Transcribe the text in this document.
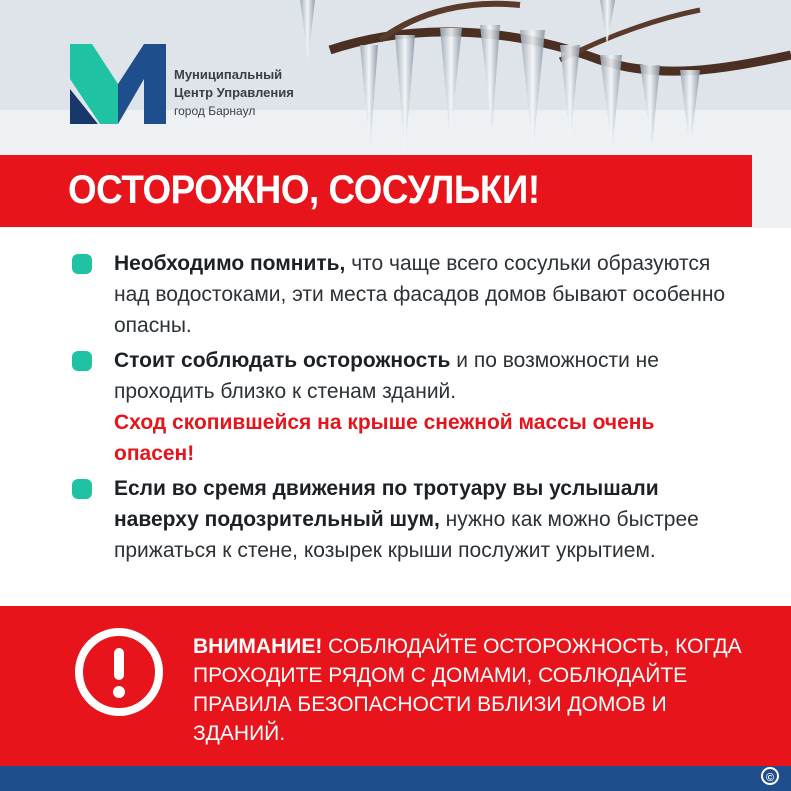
Муниципальный
Центр Управления
город Барнаул
ОСТОРОЖНО, СОСУЛЬКИ!

Необходимо помнить, что чаще всего сосульки образуются над водостоками, эти места фасадов домов бывают особенно опасны.

Стоит соблюдать осторожность и по возможности не проходить близко к стенам зданий.
Сход скопившейся на крыше снежной массы очень опасен!

Если во сремя движения по тротуару вы услышали наверху подозрительный шум, нужно как можно быстрее прижаться к стене, козырек крыши послужит укрытием.

ВНИМАНИЕ! СОБЛЮДАЙТЕ ОСТОРОЖНОСТЬ, КОГДА ПРОХОДИТЕ РЯДОМ С ДОМАМИ, СОБЛЮДАЙТЕ ПРАВИЛА БЕЗОПАСНОСТИ ВБЛИЗИ ДОМОВ И ЗДАНИЙ.
©
